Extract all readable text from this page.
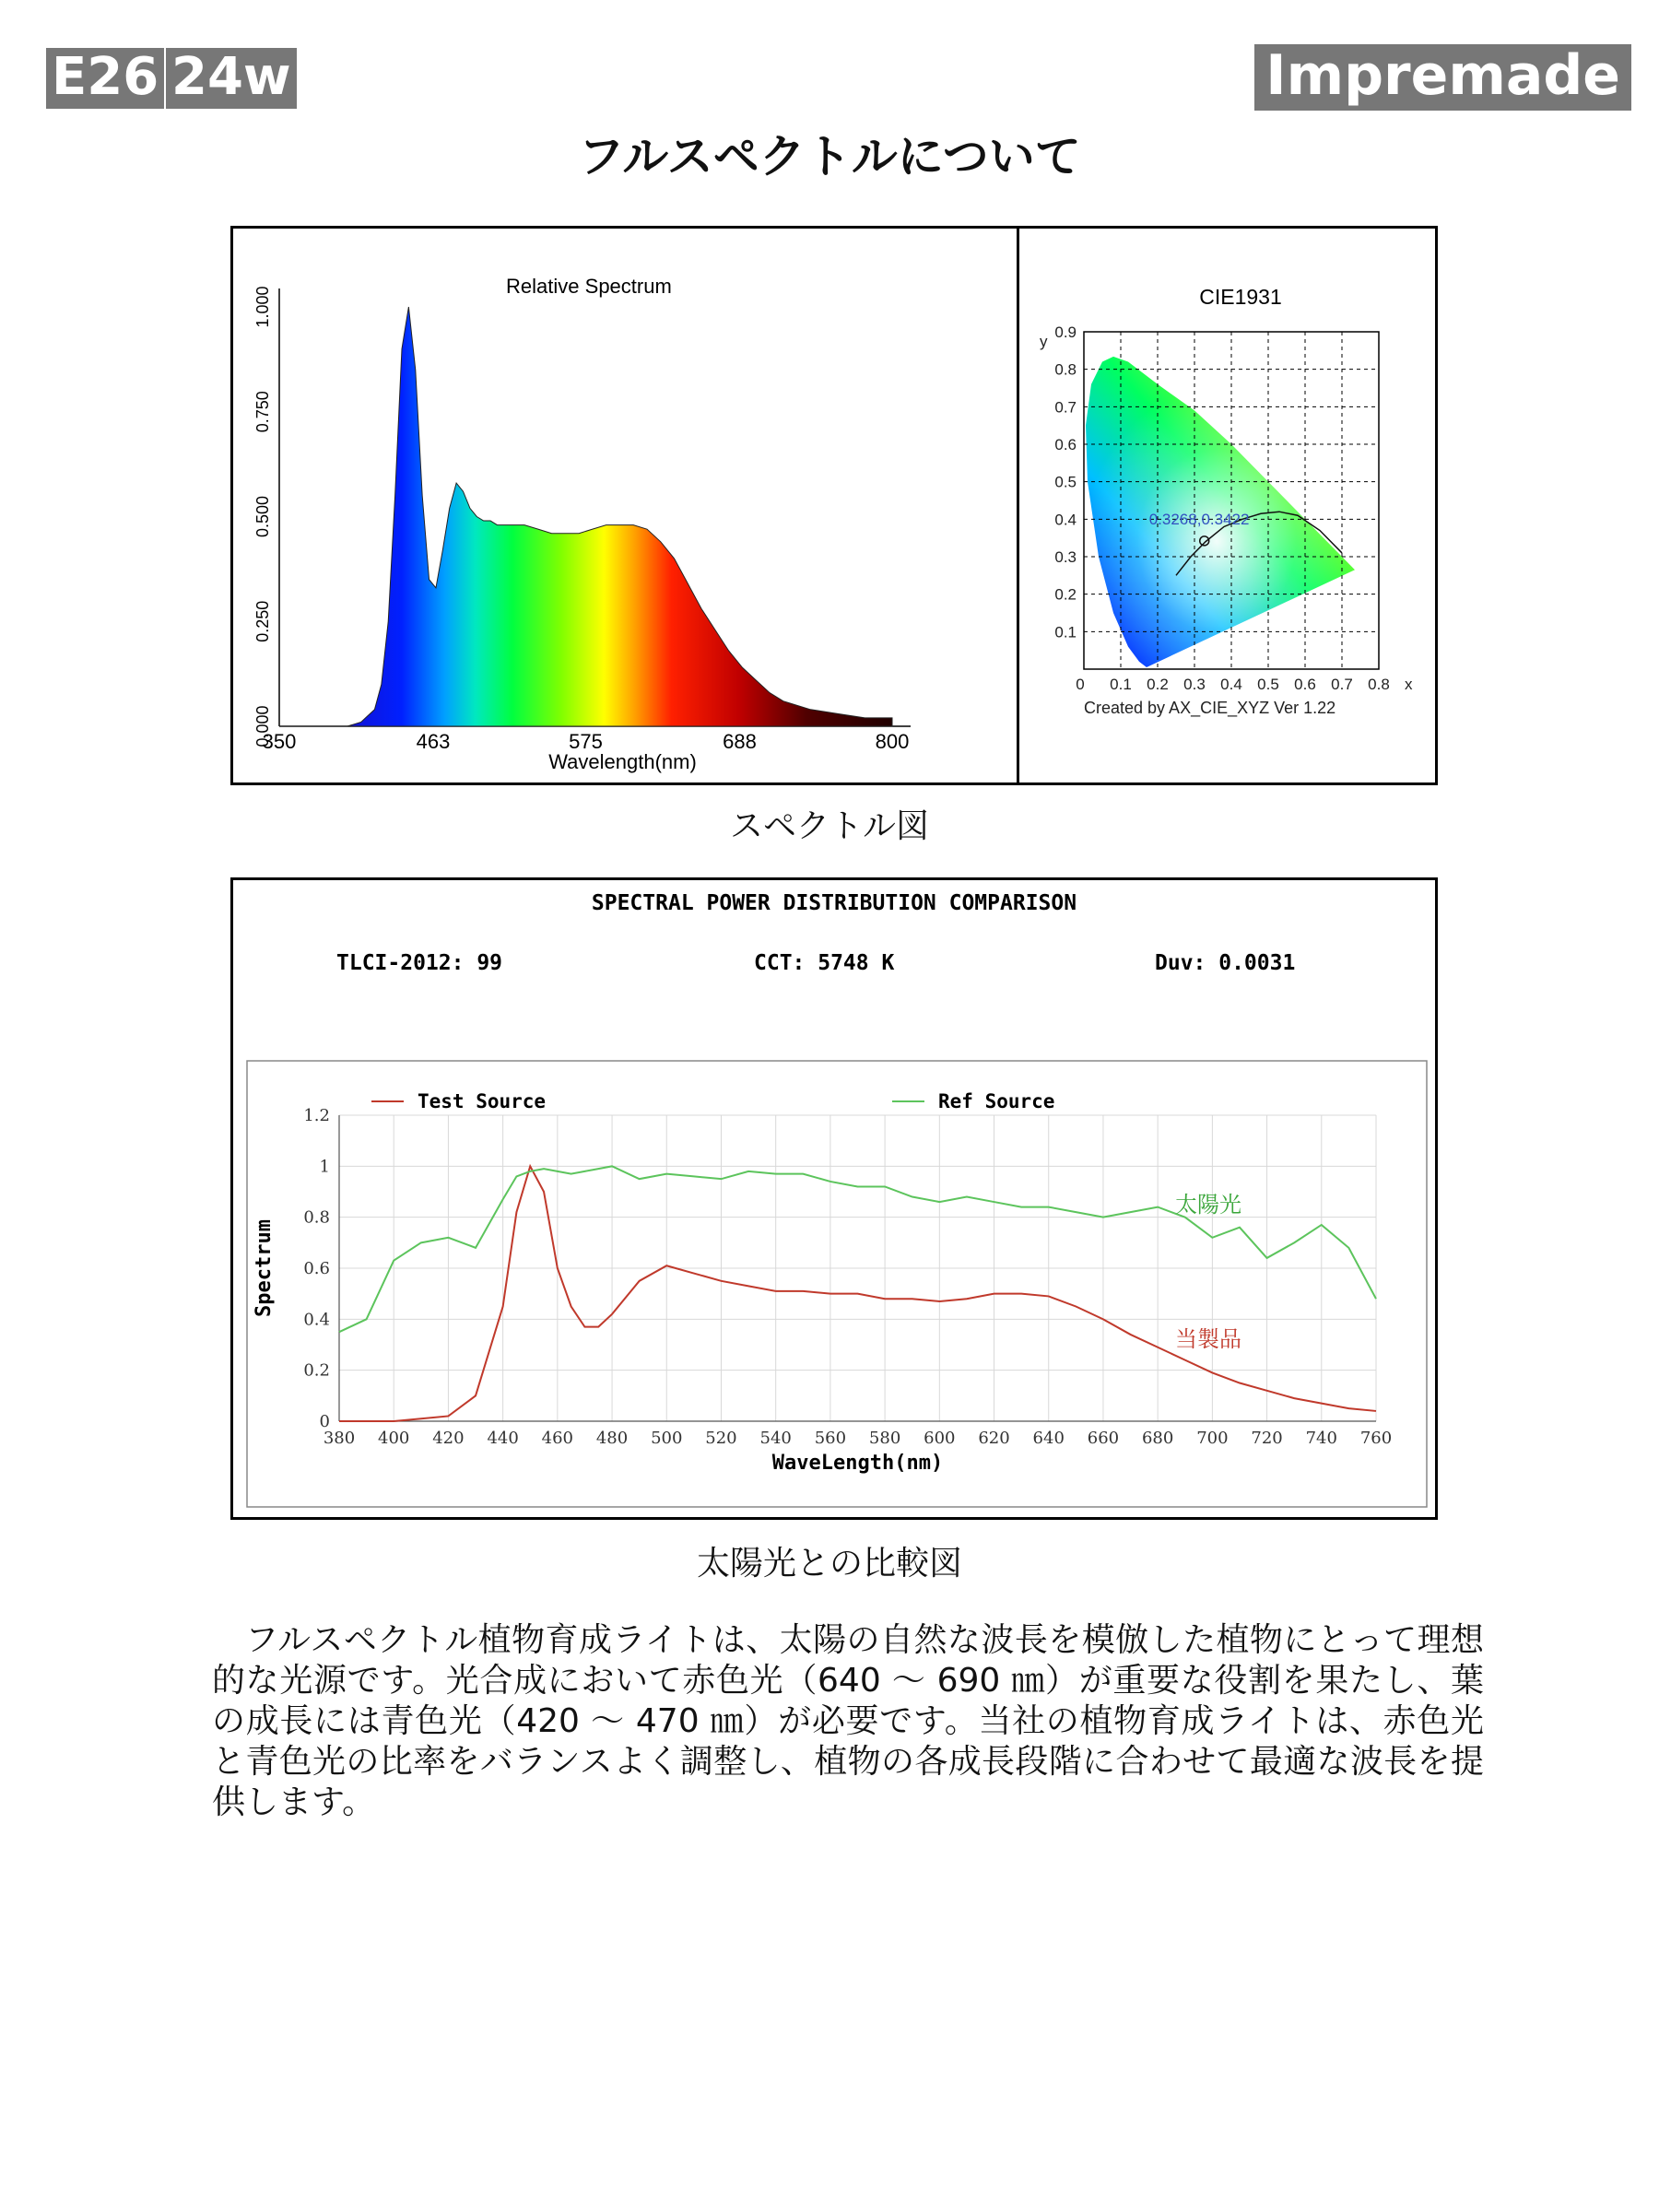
E26 24w	Impremade
フルスペクトルについて
350	463	575	688	800
0.000
0.250
0.500
0.750
1.000	Relative Spectrum
Wavelength(nm)
0.3268,0.3422
0 0.1 0.2 0.3 0.4 0.5 0.6 0.7 0.8 x
0.1
0.2
0.3
0.4
0.5
0.6
0.7
0.8
0.9
y
CIE1931
Created by AX_CIE_XYZ Ver 1.22
スペクトル図
SPECTRAL POWER DISTRIBUTION COMPARISON
TLCI-2012: 99	CCT: 5748 K	Duv: 0.0031
380 400 420 440 460 480 500 520 540 560 580 600 620 640 660 680 700 720 740 760
0
0.2
0.4
0.6
0.8
1
1.2
Test Source	Ref Source
太陽光
当製品
WaveLength(nm)
Spectrum
太陽光との比較図
フルスペクトル植物育成ライトは、太陽の自然な波長を模倣した植物にとって理想的な光源です。光合成において赤色光（640 〜 690 ㎚）が重要な役割を果たし、葉の成長には青色光（420 〜 470 ㎚）が必要です。当社の植物育成ライトは、赤色光と青色光の比率をバランスよく調整し、植物の各成長段階に合わせて最適な波長を提供します。
